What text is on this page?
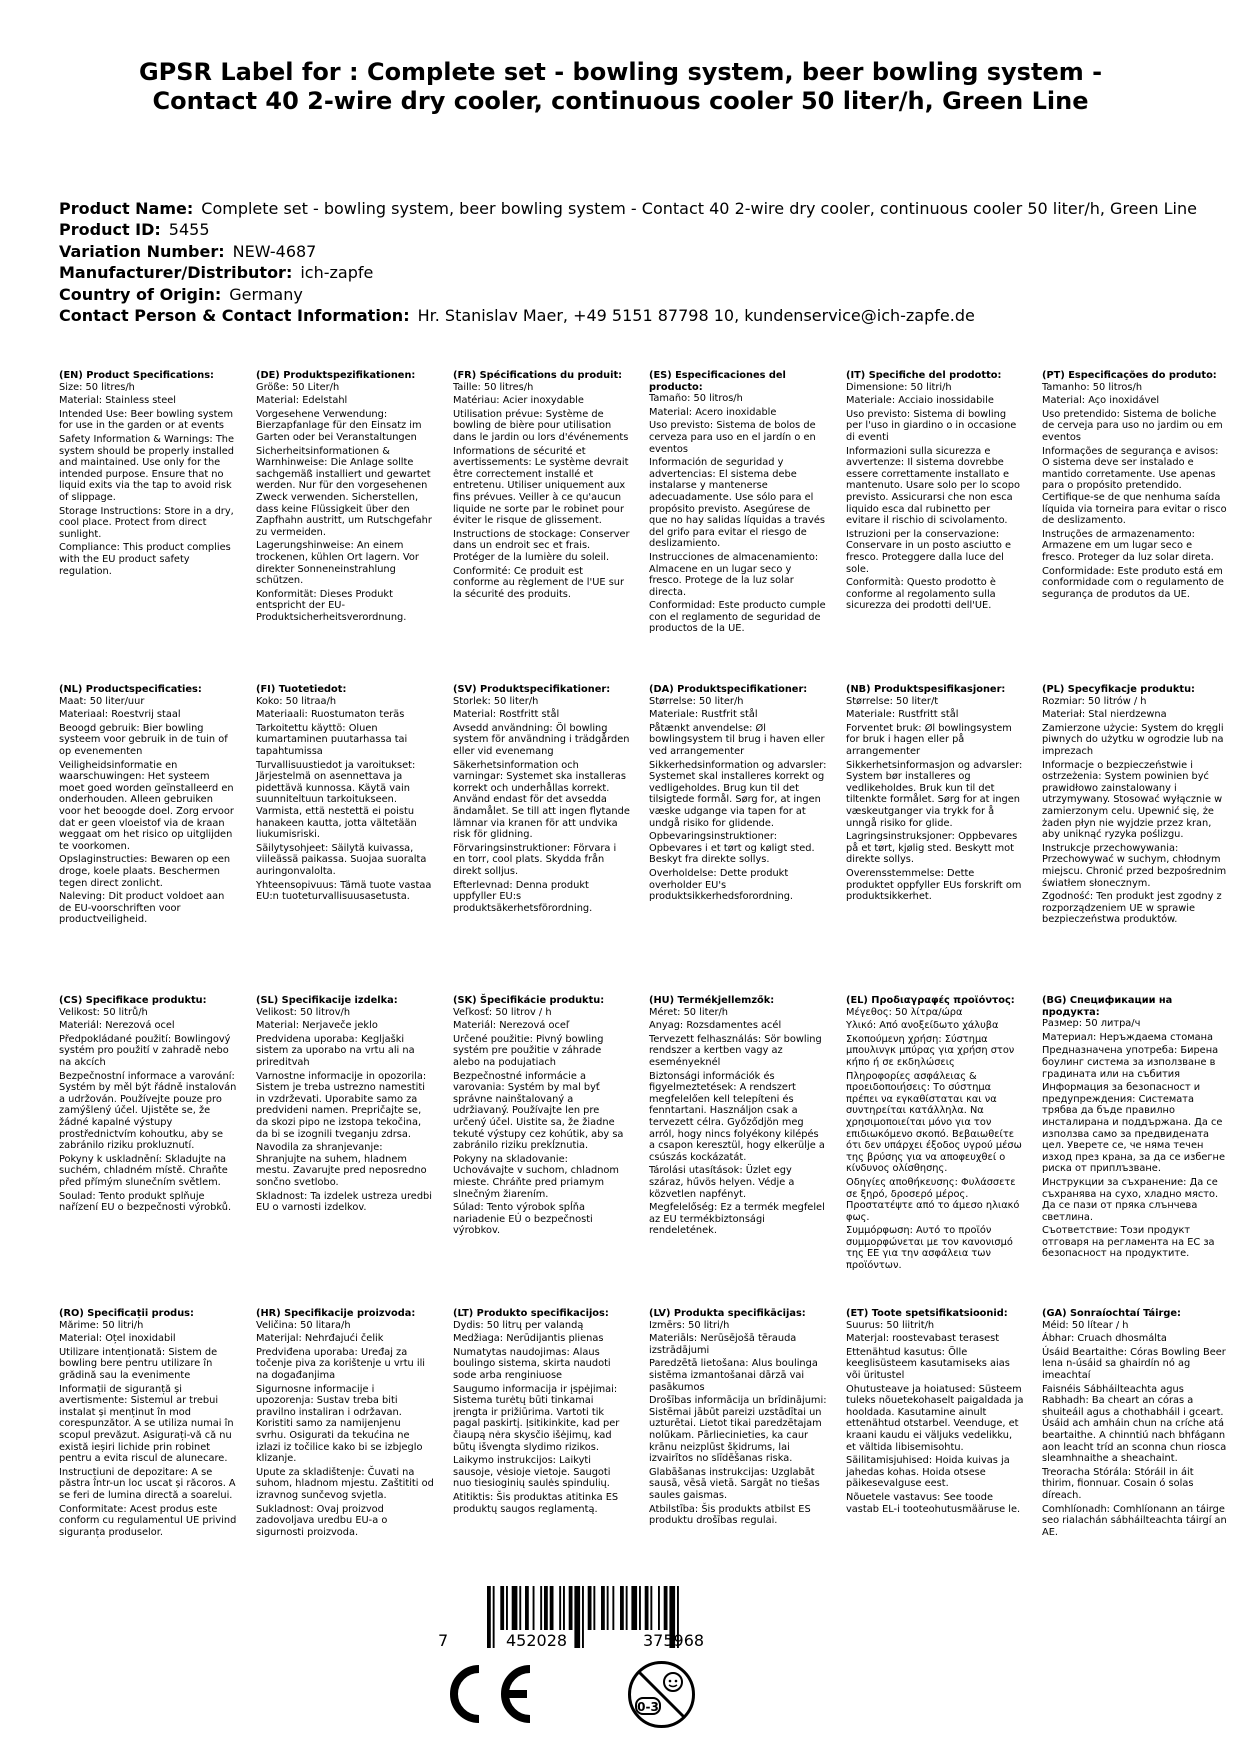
GPSR Label for : Complete set - bowling system, beer bowling system - Contact 40 2-wire dry cooler, continuous cooler 50 liter/h, Green Line
Product Name: Complete set - bowling system, beer bowling system - Contact 40 2-wire dry cooler, continuous cooler 50 liter/h, Green Line
Product ID: 5455
Variation Number: NEW-4687
Manufacturer/Distributor: ich-zapfe
Country of Origin: Germany
Contact Person & Contact Information: Hr. Stanislav Maer, +49 5151 87798 10, kundenservice@ich-zapfe.de
(EN) Product Specifications:
Size: 50 litres/h
Material: Stainless steel
Intended Use: Beer bowling system for use in the garden or at events
Safety Information & Warnings: The system should be properly installed and maintained. Use only for the intended purpose. Ensure that no liquid exits via the tap to avoid risk of slippage.
Storage Instructions: Store in a dry, cool place. Protect from direct sunlight.
Compliance: This product complies with the EU product safety regulation.
(DE) Produktspezifikationen:
Größe: 50 Liter/h
Material: Edelstahl
Vorgesehene Verwendung: Bierzapfanlage für den Einsatz im Garten oder bei Veranstaltungen
Sicherheitsinformationen & Warnhinweise: Die Anlage sollte sachgemäß installiert und gewartet werden. Nur für den vorgesehenen Zweck verwenden. Sicherstellen, dass keine Flüssigkeit über den Zapfhahn austritt, um Rutschgefahr zu vermeiden.
Lagerungshinweise: An einem trockenen, kühlen Ort lagern. Vor direkter Sonneneinstrahlung schützen.
Konformität: Dieses Produkt entspricht der EU-Produktsicherheitsverordnung.
(FR) Spécifications du produit:
Taille: 50 litres/h
Matériau: Acier inoxydable
Utilisation prévue: Système de bowling de bière pour utilisation dans le jardin ou lors d'événements
Informations de sécurité et avertissements: Le système devrait être correctement installé et entretenu. Utiliser uniquement aux fins prévues. Veiller à ce qu'aucun liquide ne sorte par le robinet pour éviter le risque de glissement.
Instructions de stockage: Conserver dans un endroit sec et frais. Protéger de la lumière du soleil.
Conformité: Ce produit est conforme au règlement de l'UE sur la sécurité des produits.
(ES) Especificaciones del producto:
Tamaño: 50 litros/h
Material: Acero inoxidable
Uso previsto: Sistema de bolos de cerveza para uso en el jardín o en eventos
Información de seguridad y advertencias: El sistema debe instalarse y mantenerse adecuadamente. Use sólo para el propósito previsto. Asegúrese de que no hay salidas líquidas a través del grifo para evitar el riesgo de deslizamiento.
Instrucciones de almacenamiento: Almacene en un lugar seco y fresco. Protege de la luz solar directa.
Conformidad: Este producto cumple con el reglamento de seguridad de productos de la UE.
(IT) Specifiche del prodotto:
Dimensione: 50 litri/h
Materiale: Acciaio inossidabile
Uso previsto: Sistema di bowling per l'uso in giardino o in occasione di eventi
Informazioni sulla sicurezza e avvertenze: Il sistema dovrebbe essere correttamente installato e mantenuto. Usare solo per lo scopo previsto. Assicurarsi che non esca liquido esca dal rubinetto per evitare il rischio di scivolamento.
Istruzioni per la conservazione: Conservare in un posto asciutto e fresco. Proteggere dalla luce del sole.
Conformità: Questo prodotto è conforme al regolamento sulla sicurezza dei prodotti dell'UE.
(PT) Especificações do produto:
Tamanho: 50 litros/h
Material: Aço inoxidável
Uso pretendido: Sistema de boliche de cerveja para uso no jardim ou em eventos
Informações de segurança e avisos: O sistema deve ser instalado e mantido corretamente. Use apenas para o propósito pretendido. Certifique-se de que nenhuma saída líquida via torneira para evitar o risco de deslizamento.
Instruções de armazenamento: Armazene em um lugar seco e fresco. Proteger da luz solar direta.
Conformidade: Este produto está em conformidade com o regulamento de segurança de produtos da UE.
(NL) Productspecificaties:
Maat: 50 liter/uur
Materiaal: Roestvrij staal
Beoogd gebruik: Bier bowling systeem voor gebruik in de tuin of op evenementen
Veiligheidsinformatie en waarschuwingen: Het systeem moet goed worden geïnstalleerd en onderhouden. Alleen gebruiken voor het beoogde doel. Zorg ervoor dat er geen vloeistof via de kraan weggaat om het risico op uitglijden te voorkomen.
Opslaginstructies: Bewaren op een droge, koele plaats. Beschermen tegen direct zonlicht.
Naleving: Dit product voldoet aan de EU-voorschriften voor productveiligheid.
(FI) Tuotetiedot:
Koko: 50 litraa/h
Materiaali: Ruostumaton teräs
Tarkoitettu käyttö: Oluen kumartaminen puutarhassa tai tapahtumissa
Turvallisuustiedot ja varoitukset: Järjestelmä on asennettava ja pidettävä kunnossa. Käytä vain suunniteltuun tarkoitukseen. Varmista, että nestettä ei poistu hanakeen kautta, jotta vältetään liukumisriski.
Säilytysohjeet: Säilytä kuivassa, viileässä paikassa. Suojaa suoralta auringonvalolta.
Yhteensopivuus: Tämä tuote vastaa EU:n tuoteturvallisuusasetusta.
(SV) Produktspecifikationer:
Storlek: 50 liter/h
Material: Rostfritt stål
Avsedd användning: Öl bowling system för användning i trädgården eller vid evenemang
Säkerhetsinformation och varningar: Systemet ska installeras korrekt och underhållas korrekt. Använd endast för det avsedda ändamålet. Se till att ingen flytande lämnar via kranen för att undvika risk för glidning.
Förvaringsinstruktioner: Förvara i en torr, cool plats. Skydda från direkt solljus.
Efterlevnad: Denna produkt uppfyller EU:s produktsäkerhetsförordning.
(DA) Produktspecifikationer:
Størrelse: 50 liter/h
Materiale: Rustfrit stål
Påtænkt anvendelse: Øl bowlingsystem til brug i haven eller ved arrangementer
Sikkerhedsinformation og advarsler: Systemet skal installeres korrekt og vedligeholdes. Brug kun til det tilsigtede formål. Sørg for, at ingen væske udgange via tapen for at undgå risiko for glidende.
Opbevaringsinstruktioner: Opbevares i et tørt og køligt sted. Beskyt fra direkte sollys.
Overholdelse: Dette produkt overholder EU's produktsikkerhedsforordning.
(NB) Produktspesifikasjoner:
Størrelse: 50 liter/t
Materiale: Rustfritt stål
Forventet bruk: Øl bowlingsystem for bruk i hagen eller på arrangementer
Sikkerhetsinformasjon og advarsler: System bør installeres og vedlikeholdes. Bruk kun til det tiltenkte formålet. Sørg for at ingen væskeutganger via trykk for å unngå risiko for glide.
Lagringsinstruksjoner: Oppbevares på et tørt, kjølig sted. Beskytt mot direkte sollys.
Overensstemmelse: Dette produktet oppfyller EUs forskrift om produktsikkerhet.
(PL) Specyfikacje produktu:
Rozmiar: 50 litrów / h
Materiał: Stal nierdzewna
Zamierzone użycie: System do kręgli piwnych do użytku w ogrodzie lub na imprezach
Informacje o bezpieczeństwie i ostrzeżenia: System powinien być prawidłowo zainstalowany i utrzymywany. Stosować wyłącznie w zamierzonym celu. Upewnić się, że żaden płyn nie wyjdzie przez kran, aby uniknąć ryzyka poślizgu.
Instrukcje przechowywania: Przechowywać w suchym, chłodnym miejscu. Chronić przed bezpośrednim światłem słonecznym.
Zgodność: Ten produkt jest zgodny z rozporządzeniem UE w sprawie bezpieczeństwa produktów.
(CS) Specifikace produktu:
Velikost: 50 litrů/h
Materiál: Nerezová ocel
Předpokládané použití: Bowlingový systém pro použití v zahradě nebo na akcích
Bezpečnostní informace a varování: Systém by měl být řádně instalován a udržován. Používejte pouze pro zamýšlený účel. Ujistěte se, že žádné kapalné výstupy prostřednictvím kohoutku, aby se zabránilo riziku prokluznutí.
Pokyny k uskladnění: Skladujte na suchém, chladném místě. Chraňte před přímým slunečním světlem.
Soulad: Tento produkt splňuje nařízení EU o bezpečnosti výrobků.
(SL) Specifikacije izdelka:
Velikost: 50 litrov/h
Material: Nerjaveče jeklo
Predvidena uporaba: Kegljaški sistem za uporabo na vrtu ali na prireditvah
Varnostne informacije in opozorila: Sistem je treba ustrezno namestiti in vzdrževati. Uporabite samo za predvideni namen. Prepričajte se, da skozi pipo ne izstopa tekočina, da bi se izognili tveganju zdrsa.
Navodila za shranjevanje: Shranjujte na suhem, hladnem mestu. Zavarujte pred neposredno sončno svetlobo.
Skladnost: Ta izdelek ustreza uredbi EU o varnosti izdelkov.
(SK) Špecifikácie produktu:
Veľkosť: 50 litrov / h
Materiál: Nerezová oceľ
Určené použitie: Pivný bowling systém pre použitie v záhrade alebo na podujatiach
Bezpečnostné informácie a varovania: Systém by mal byť správne nainštalovaný a udržiavaný. Používajte len pre určený účel. Uistite sa, že žiadne tekuté výstupy cez kohútik, aby sa zabránilo riziku prekĺznutia.
Pokyny na skladovanie: Uchovávajte v suchom, chladnom mieste. Chráňte pred priamym slnečným žiarením.
Súlad: Tento výrobok spĺňa nariadenie EÚ o bezpečnosti výrobkov.
(HU) Termékjellemzők:
Méret: 50 liter/h
Anyag: Rozsdamentes acél
Tervezett felhasználás: Sör bowling rendszer a kertben vagy az eseményeknél
Biztonsági információk és figyelmeztetések: A rendszert megfelelően kell telepíteni és fenntartani. Használjon csak a tervezett célra. Győződjön meg arról, hogy nincs folyékony kilépés a csapon keresztül, hogy elkerülje a csúszás kockázatát.
Tárolási utasítások: Üzlet egy száraz, hűvös helyen. Védje a közvetlen napfényt.
Megfelelőség: Ez a termék megfelel az EU termékbiztonsági rendeletének.
(EL) Προδιαγραφές προϊόντος:
Μέγεθος: 50 λίτρα/ώρα
Υλικό: Από ανοξείδωτο χάλυβα
Σκοπούμενη χρήση: Σύστημα μπουλινγκ μπύρας για χρήση στον κήπο ή σε εκδηλώσεις
Πληροφορίες ασφάλειας & προειδοποιήσεις: Το σύστημα πρέπει να εγκαθίσταται και να συντηρείται κατάλληλα. Να χρησιμοποιείται μόνο για τον επιδιωκόμενο σκοπό. Βεβαιωθείτε ότι δεν υπάρχει έξοδος υγρού μέσω της βρύσης για να αποφευχθεί ο κίνδυνος ολίσθησης.
Οδηγίες αποθήκευσης: Φυλάσσετε σε ξηρό, δροσερό μέρος. Προστατέψτε από το άμεσο ηλιακό φως.
Συμμόρφωση: Αυτό το προϊόν συμμορφώνεται με τον κανονισμό της ΕΕ για την ασφάλεια των προϊόντων.
(BG) Спецификации на продукта:
Размер: 50 литра/ч
Материал: Неръждаема стомана
Предназначена употреба: Бирена боулинг система за използване в градината или на събития
Информация за безопасност и предупреждения: Системата трябва да бъде правилно инсталирана и поддържана. Да се използва само за предвидената цел. Уверете се, че няма течен изход през крана, за да се избегне риска от приплъзване.
Инструкции за съхранение: Да се съхранява на сухо, хладно място. Да се пази от пряка слънчева светлина.
Съответствие: Този продукт отговаря на регламента на ЕС за безопасност на продуктите.
(RO) Specificații produs:
Mărime: 50 litri/h
Material: Oțel inoxidabil
Utilizare intenționată: Sistem de bowling bere pentru utilizare în grădină sau la evenimente
Informații de siguranță și avertismente: Sistemul ar trebui instalat și menținut în mod corespunzător. A se utiliza numai în scopul prevăzut. Asigurați-vă că nu există ieșiri lichide prin robinet pentru a evita riscul de alunecare.
Instrucțiuni de depozitare: A se păstra într-un loc uscat și răcoros. A se feri de lumina directă a soarelui.
Conformitate: Acest produs este conform cu regulamentul UE privind siguranța produselor.
(HR) Specifikacije proizvoda:
Veličina: 50 litara/h
Materijal: Nehrđajući čelik
Predviđena uporaba: Uređaj za točenje piva za korištenje u vrtu ili na događanjima
Sigurnosne informacije i upozorenja: Sustav treba biti pravilno instaliran i održavan. Koristiti samo za namijenjenu svrhu. Osigurati da tekućina ne izlazi iz točilice kako bi se izbjeglo klizanje.
Upute za skladištenje: Čuvati na suhom, hladnom mjestu. Zaštititi od izravnog sunčevog svjetla.
Sukladnost: Ovaj proizvod zadovoljava uredbu EU-a o sigurnosti proizvoda.
(LT) Produkto specifikacijos:
Dydis: 50 litrų per valandą
Medžiaga: Nerūdijantis plienas
Numatytas naudojimas: Alaus boulingo sistema, skirta naudoti sode arba renginiuose
Saugumo informacija ir įspėjimai: Sistema turėtų būti tinkamai įrengta ir prižiūrima. Vartoti tik pagal paskirtį. Įsitikinkite, kad per čiaupą nėra skysčio išėjimų, kad būtų išvengta slydimo rizikos.
Laikymo instrukcijos: Laikyti sausoje, vėsioje vietoje. Saugoti nuo tiesioginių saulės spindulių.
Atitiktis: Šis produktas atitinka ES produktų saugos reglamentą.
(LV) Produkta specifikācijas:
Izmērs: 50 litri/h
Materiāls: Nerūsējošā tērauda izstrādājumi
Paredzētā lietošana: Alus boulinga sistēma izmantošanai dārzā vai pasākumos
Drošības informācija un brīdinājumi: Sistēmai jābūt pareizi uzstādītai un uzturētai. Lietot tikai paredzētajam nolūkam. Pārliecinieties, ka caur krānu neizplūst šķidrums, lai izvairītos no slīdēšanas riska.
Glabāšanas instrukcijas: Uzglabāt sausā, vēsā vietā. Sargāt no tiešas saules gaismas.
Atbilstība: Šis produkts atbilst ES produktu drošības regulai.
(ET) Toote spetsifikatsioonid:
Suurus: 50 liitrit/h
Materjal: roostevabast terasest
Ettenähtud kasutus: Õlle keeglisüsteem kasutamiseks aias või üritustel
Ohutusteave ja hoiatused: Süsteem tuleks nõuetekohaselt paigaldada ja hooldada. Kasutamine ainult ettenähtud otstarbel. Veenduge, et kraani kaudu ei väljuks vedelikku, et vältida libisemisohtu.
Säilitamisjuhised: Hoida kuivas ja jahedas kohas. Hoida otsese päikesevalguse eest.
Nõuetele vastavus: See toode vastab EL-i tooteohutusmääruse le.
(GA) Sonraíochtaí Táirge:
Méid: 50 lítear / h
Ábhar: Cruach dhosmálta
Úsáid Beartaithe: Córas Bowling Beer lena n-úsáid sa ghairdín nó ag imeachtaí
Faisnéis Sábháilteachta agus Rabhadh: Ba cheart an córas a shuiteáil agus a chothabháil i gceart. Úsáid ach amháin chun na críche atá beartaithe. A chinntiú nach bhfágann aon leacht tríd an sconna chun riosca sleamhnaithe a sheachaint.
Treoracha Stórála: Stóráil in áit thirim, fionnuar. Cosain ó solas díreach.
Comhlíonadh: Comhlíonann an táirge seo rialachán sábháilteachta táirgí an AE.
7	452028	375968
0-3
